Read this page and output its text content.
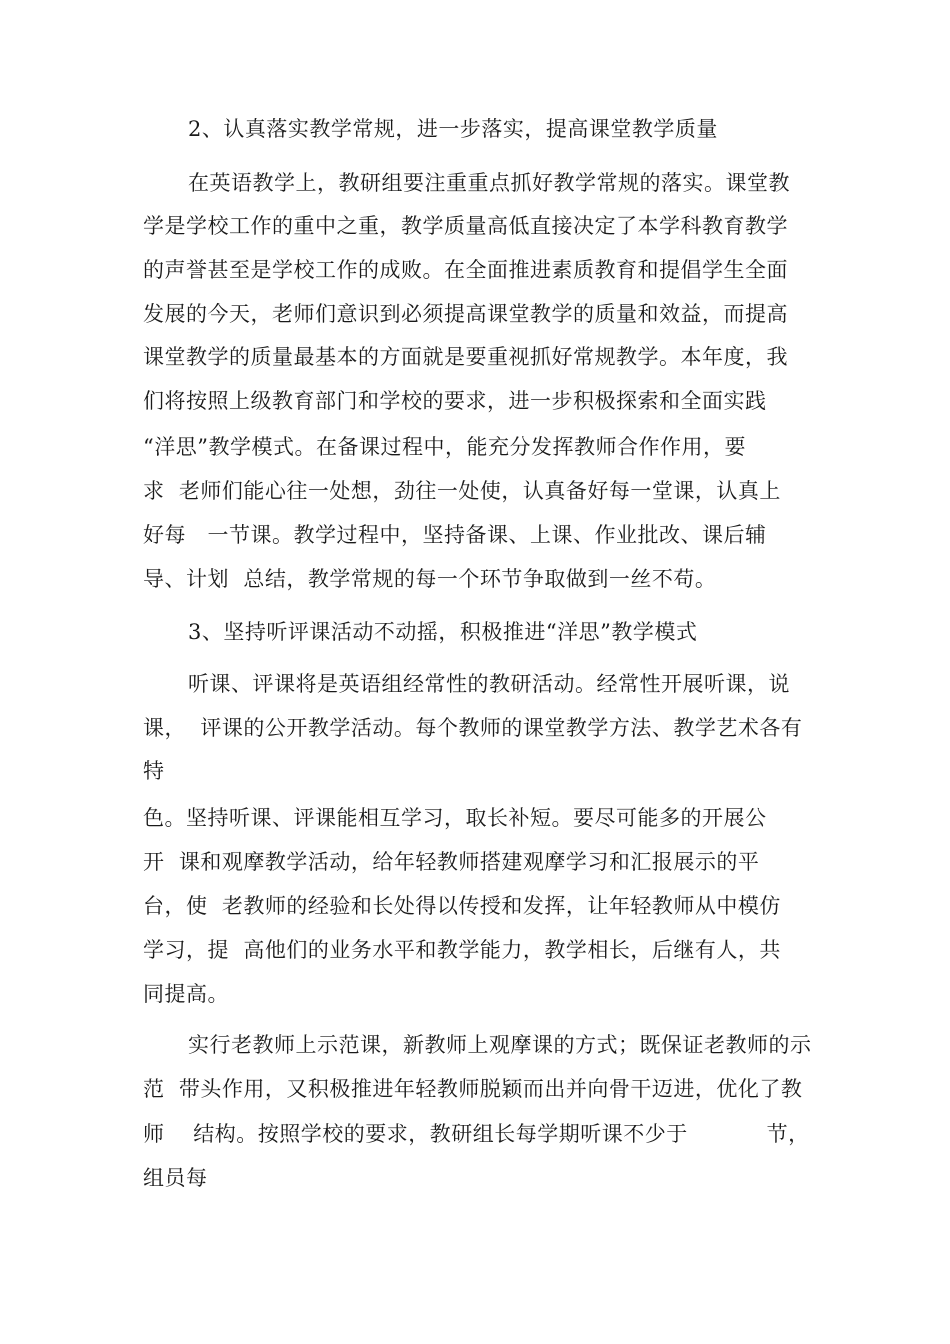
2、认真落实教学常规，进一步落实，提高课堂教学质量
在英语教学上，教研组要注重重点抓好教学常规的落实。课堂教
学是学校工作的重中之重，教学质量高低直接决定了本学科教育教学
的声誉甚至是学校工作的成败。在全面推进素质教育和提倡学生全面
发展的今天，老师们意识到必须提高课堂教学的质量和效益，而提高
课堂教学的质量最基本的方面就是要重视抓好常规教学。本年度，我
们将按照上级教育部门和学校的要求，进一步积极探索和全面实践
“洋思”教学模式。在备课过程中，能充分发挥教师合作作用，要
求  老师们能心往一处想，劲往一处使，认真备好每一堂课，认真上
好每   一节课。教学过程中，坚持备课、上课、作业批改、课后辅
导、计划  总结，教学常规的每一个环节争取做到一丝不苟。
3、坚持听评课活动不动摇，积极推进“洋思”教学模式
听课、评课将是英语组经常性的教研活动。经常性开展听课，说
课，  评课的公开教学活动。每个教师的课堂教学方法、教学艺术各有
特
色。坚持听课、评课能相互学习，取长补短。要尽可能多的开展公
开  课和观摩教学活动，给年轻教师搭建观摩学习和汇报展示的平
台，使  老教师的经验和长处得以传授和发挥，让年轻教师从中模仿
学习，提  高他们的业务水平和教学能力，教学相长，后继有人，共
同提高。
实行老教师上示范课，新教师上观摩课的方式；既保证老教师的示
范  带头作用，又积极推进年轻教师脱颖而出并向骨干迈进，优化了教
师    结构。按照学校的要求，教研组长每学期听课不少于           节，
组员每
